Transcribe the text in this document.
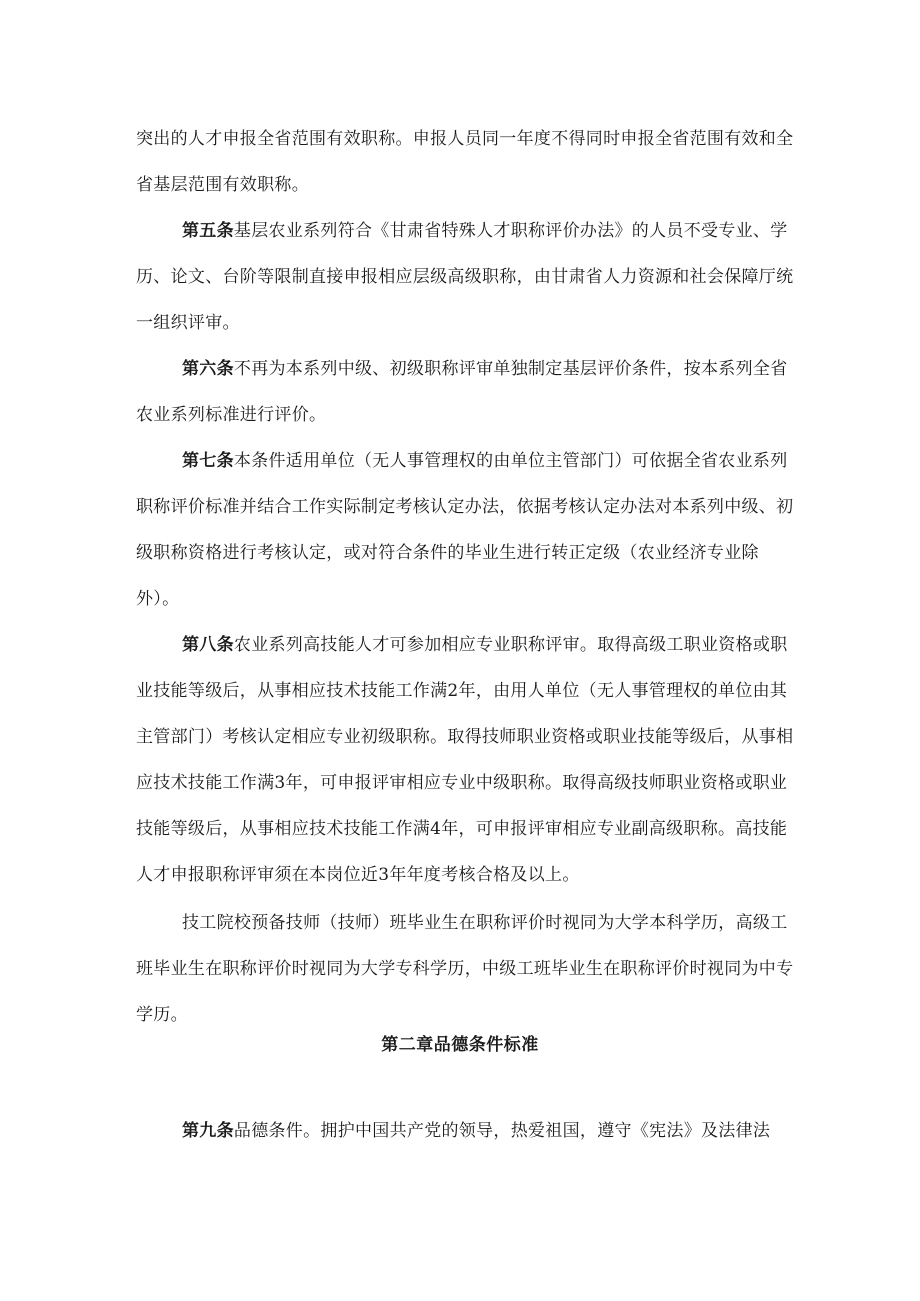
突出的人才申报全省范围有效职称。申报人员同一年度不得同时申报全省范围有效和全
省基层范围有效职称。
第五条基层农业系列符合《甘肃省特殊人才职称评价办法》的人员不受专业、学
历、论文、台阶等限制直接申报相应层级高级职称，由甘肃省人力资源和社会保障厅统
一组织评审。
第六条不再为本系列中级、初级职称评审单独制定基层评价条件，按本系列全省
农业系列标准进行评价。
第七条本条件适用单位（无人事管理权的由单位主管部门）可依据全省农业系列
职称评价标准并结合工作实际制定考核认定办法，依据考核认定办法对本系列中级、初
级职称资格进行考核认定，或对符合条件的毕业生进行转正定级（农业经济专业除
外）。
第八条农业系列高技能人才可参加相应专业职称评审。取得高级工职业资格或职
业技能等级后，从事相应技术技能工作满2年，由用人单位（无人事管理权的单位由其
主管部门）考核认定相应专业初级职称。取得技师职业资格或职业技能等级后，从事相
应技术技能工作满3年，可申报评审相应专业中级职称。取得高级技师职业资格或职业
技能等级后，从事相应技术技能工作满4年，可申报评审相应专业副高级职称。高技能
人才申报职称评审须在本岗位近3年年度考核合格及以上。
技工院校预备技师（技师）班毕业生在职称评价时视同为大学本科学历，高级工
班毕业生在职称评价时视同为大学专科学历，中级工班毕业生在职称评价时视同为中专
学历。
第二章品德条件标准
第九条品德条件。拥护中国共产党的领导，热爱祖国，遵守《宪法》及法律法
